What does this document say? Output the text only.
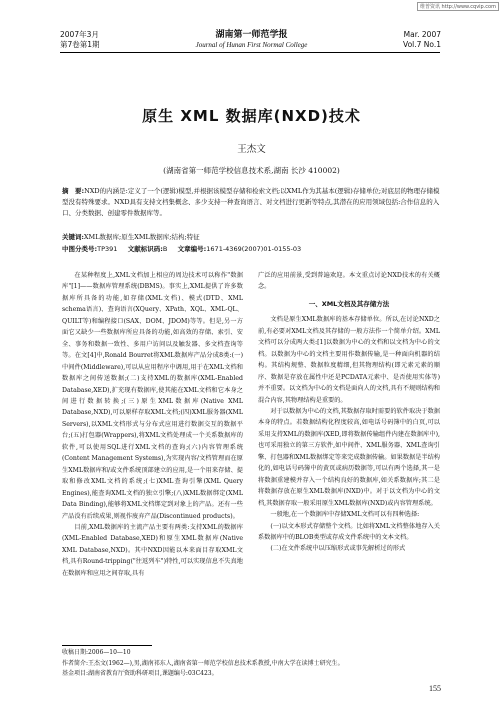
维普资讯 http://www.cqvip.com
2007年3月
第7卷第1期
湖南第一师范学报
Journal of Hunan First Normal College
Mar. 2007
Vol.7 No.1
原生 XML 数据库(NXD)技术
王杰文
(湖南省第一师范学校信息技术系,湖南 长沙 410002)
摘　要:NXD的内涵是:定义了一个(逻辑)模型,并根据该模型存储和检索文档;以XML作为其基本(逻辑)存储单位;对底层的物理存储模型没有特殊要求。NXD具有支持文档集概念、多少支持一种查询语言、对文档进行更新等特点,其潜在的应用领域包括:合作信息的入口、分类数据、创建零件数据库等。
关键词:XML数据库;原生XML数据库;结构;特征
中图分类号:TP391 文献标识码:B 文章编号:1671-4369(2007)01-0155-03

在某种程度上,XML文档加上相应的周边技术可以称作"数据库"[1]——数据库管理系统(DBMS)。事实上,XML提供了许多数据库所具备的功能,如存储(XML文档)、模式(DTD、XML schema语言)、查询语言(XQuery、XPath、XQL、XML-QL、QUILT等)和编程接口(SAX、DOM、JDOM)等等。但是,另一方面它又缺少一些数据库所应具备的功能,如高效的存储、索引、安全、事务和数据一致性、多用户访问以及触发器、多文档查询等等。在文[4]中,Ronald Bourret将XML数据库产品分成8类:(一)中间件(Middleware),可以从应用程序中调用,用于在XML文档和数据库之间传送数据;(二)支持XML的数据库(XML-Enabled Database,XED),扩充现有数据库,使其能在XML文档和它本身之间进行数据转换;(三)原生XML数据库(Native XML Database,NXD),可以原样存取XML文档;(四)XML服务器(XML Servers),以XML文档形式与分布式应用进行数据交互的数据平台;(五)打包器(Wrappers),将XML文档处理成一个关系数据库的软件,可以使用SQL进行XML文档的查询;(六)内容管理系统(Content Management Systems),为实现内容/文档管理而在原生XML数据库和/或文件系统顶部建立的应用,是一个用来存储、提取和修改XML文档的系统;(七)XML查询引擎(XML Query Engines),能查询XML文档的独立引擎;(八)XML数据绑定(XML Data Binding),能够将XML文档绑定到对象上的产品。还有一些产品没有后续成果,则视作废弃产品(Discontinued products)。

目前,XML数据库的主流产品主要有两类:支持XML的数据库(XML-Enabled Database,XED)和原生XML数据库(Native XML Database,NXD)。其中NXD因能以本来面目存取XML文档,具有Round-tripping("往返列车")特性,可以实现信息不失真地在数据库和应用之间存取,具有

广泛的应用前景,受到普遍欢迎。本文重点讨论NXD技术的有关概念。

一、XML文档及其存储方法

文档是原生XML数据库的基本存储单位。所以,在讨论NXD之前,有必要对XML文档及其存储的一般方法作一个简单介绍。XML文档可以分成两大类:[1]以数据为中心的文档和以文档为中心的文档。以数据为中心的文档主要用作数据传输,是一种面向机器的结构。其结构规整、数据粒度精细,但其物理结构(即元素元素的顺序、数据是存放在属性中还是PCDATA元素中、是否使用实体等)并不重要。以文档为中心的文档是面向人的文档,具有不规则结构和混合内容,其物理结构是重要的。

对于以数据为中心的文档,其数据存取时需要的软件取决于数据本身的特点。若数据结构化程度较高,如电话号码簿中的白页,可以采用支持XML的数据库(XED,即将数据传输组件内建在数据库中),也可采用独立的第三方软件,如中间件、XML服务器、XML查询引擎、打包器和XML数据绑定等来完成数据传输。如果数据是半结构化的,如电话号码簿中的黄页或病历数据等,可以有两个选择,其一是将数据重建模并存入一个结构良好的数据库,如关系数据库;其二是将数据存放在原生XML数据库(NXD)中。对于以文档为中心的文档,其数据存取一般采用原生XML数据库(NXD)或内容管理系统。

一般地,在一个数据库中存储XML文档可以有四种选择:

(一)以文本形式存储整个文档。比如将XML文档整体地存入关系数据库中的BLOB类型或存成文件系统中的文本文档。

(二)在文件系统中以压缩形式或事先解析过的形式

收稿日期:2006—10—10
作者简介:王杰文(1962—),男,湖南祁东人,湖南省第一师范学校信息技术系教授,中南大学在读博士研究生。
基金项目:湖南省教育厅资助科研项目,课题编号:03C423。
155
